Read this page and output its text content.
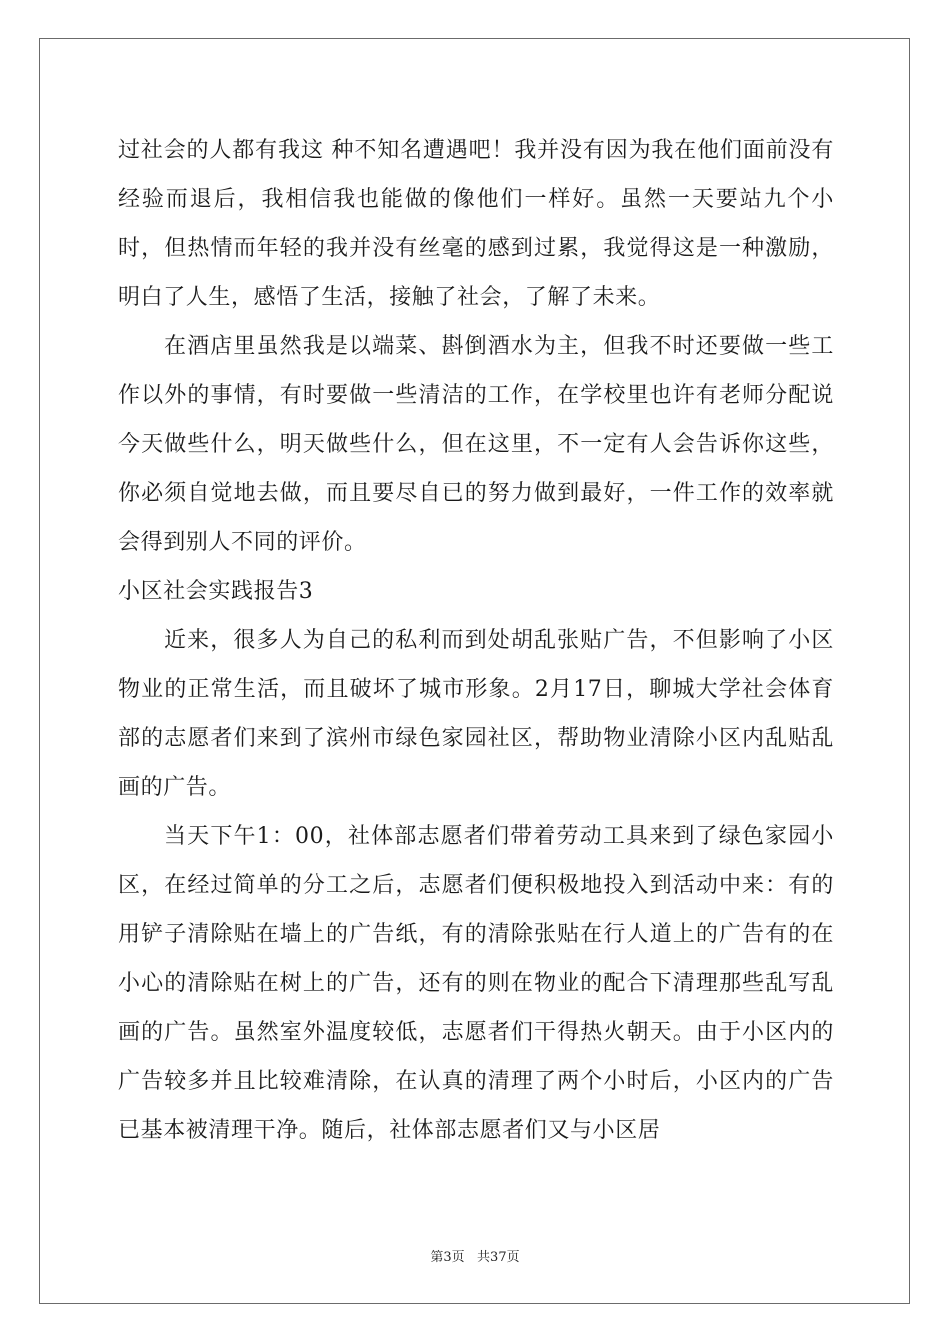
过社会的人都有我这 种不知名遭遇吧！我并没有因为我在他们面前没有经验而退后，我相信我也能做的像他们一样好。虽然一天要站九个小时，但热情而年轻的我并没有丝毫的感到过累，我觉得这是一种激励，明白了人生，感悟了生活，接触了社会，了解了未来。

在酒店里虽然我是以端菜、斟倒酒水为主，但我不时还要做一些工作以外的事情，有时要做一些清洁的工作，在学校里也许有老师分配说今天做些什么，明天做些什么，但在这里，不一定有人会告诉你这些，你必须自觉地去做，而且要尽自已的努力做到最好，一件工作的效率就会得到别人不同的评价。

小区社会实践报告3

近来，很多人为自己的私利而到处胡乱张贴广告，不但影响了小区物业的正常生活，而且破坏了城市形象。2月17日，聊城大学社会体育部的志愿者们来到了滨州市绿色家园社区，帮助物业清除小区内乱贴乱画的广告。

当天下午1：00，社体部志愿者们带着劳动工具来到了绿色家园小区，在经过简单的分工之后，志愿者们便积极地投入到活动中来：有的用铲子清除贴在墙上的广告纸，有的清除张贴在行人道上的广告有的在小心的清除贴在树上的广告，还有的则在物业的配合下清理那些乱写乱画的广告。虽然室外温度较低，志愿者们干得热火朝天。由于小区内的广告较多并且比较难清除，在认真的清理了两个小时后，小区内的广告已基本被清理干净。随后，社体部志愿者们又与小区居

第3页   共37页
